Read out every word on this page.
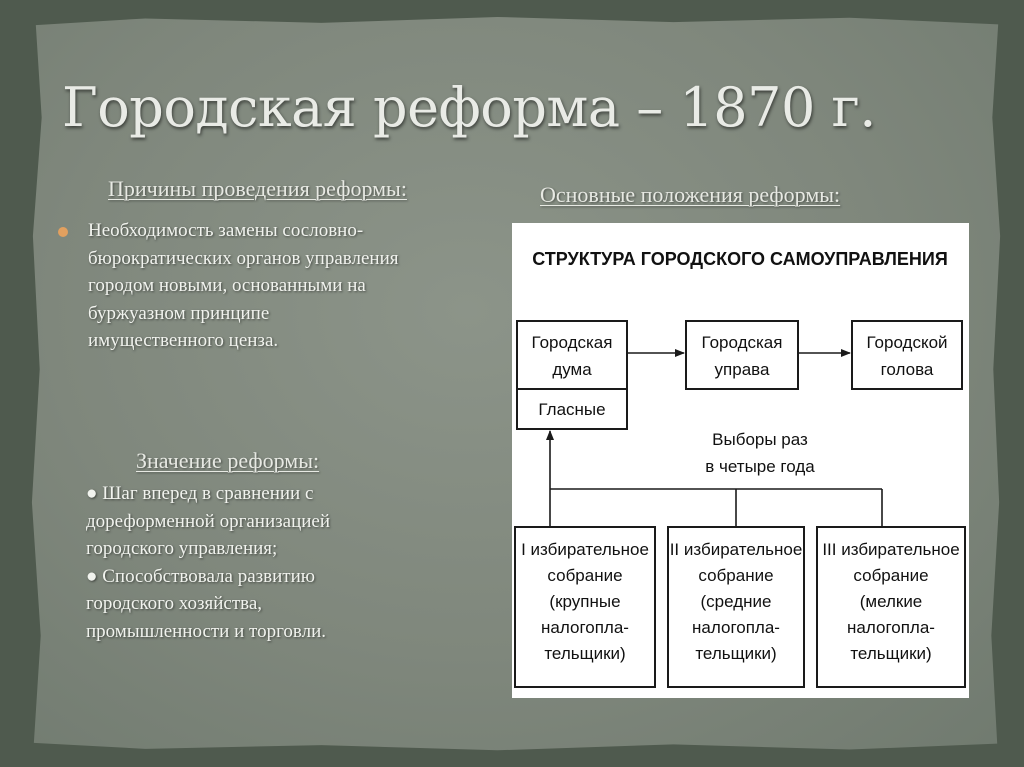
Городская реформа – 1870 г.
Причины проведения реформы:
Необходимость замены сословно-
бюрократических органов управления
городом новыми, основанными на
буржуазном принципе
имущественного ценза.
Основные положения реформы:
Значение реформы:

● Шаг вперед в сравнении с

дореформенной организацией

городского управления;

● Способствовала развитию

городского хозяйства,

промышленности и торговли.

СТРУКТУРА ГОРОДСКОГО САМОУПРАВЛЕНИЯ
Городская
дума
Гласные
Городская
управа
Городской
голова
Выборы раз
в четыре года
I избирательное
собрание
(крупные
налогопла-
тельщики)
II избирательное
собрание
(средние
налогопла-
тельщики)
III избирательное
собрание
(мелкие
налогопла-
тельщики)
